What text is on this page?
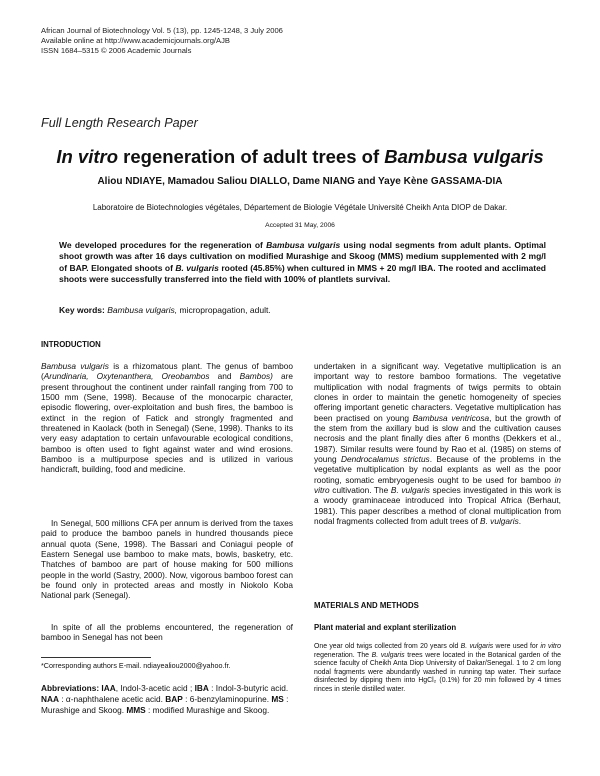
African Journal of Biotechnology Vol. 5 (13), pp. 1245-1248, 3 July 2006
Available online at http://www.academicjournals.org/AJB
ISSN 1684–5315 © 2006 Academic Journals
Full Length Research Paper
In vitro regeneration of adult trees of Bambusa vulgaris
Aliou NDIAYE, Mamadou Saliou DIALLO, Dame NIANG and Yaye Kène GASSAMA-DIA
Laboratoire de Biotechnologies végétales, Département de Biologie Végétale Université Cheikh Anta DIOP de Dakar.
Accepted 31 May, 2006
We developed procedures for the regeneration of Bambusa vulgaris using nodal segments from adult plants. Optimal shoot growth was after 16 days cultivation on modified Murashige and Skoog (MMS) medium supplemented with 2 mg/l of BAP. Elongated shoots of B. vulgaris rooted (45.85%) when cultured in MMS + 20 mg/l IBA. The rooted and acclimated shoots were successfully transferred into the field with 100% of plantlets survival.
Key words: Bambusa vulgaris, micropropagation, adult.
INTRODUCTION

Bambusa vulgaris is a rhizomatous plant. The genus of bamboo (Arundinaria, Oxytenanthera, Oreobambos and Bambos) are present throughout the continent under rainfall ranging from 700 to 1500 mm (Sene, 1998). Because of the monocarpic character, episodic flowering, over-exploitation and bush fires, the bamboo is extinct in the region of Fatick and strongly fragmented and threatened in Kaolack (both in Senegal) (Sene, 1998). Thanks to its very easy adaptation to certain unfavourable ecological conditions, bamboo is often used to fight against water and wind erosions. Bamboo is a multipurpose species and is utilized in various handicraft, building, food and medicine.

In Senegal, 500 millions CFA per annum is derived from the taxes paid to produce the bamboo panels in hundred thousands piece annual quota (Sene, 1998). The Bassari and Coniagui people of Eastern Senegal use bamboo to make mats, bowls, basketry, etc. Thatches of bamboo are part of house making for 500 millions people in the world (Sastry, 2000). Now, vigorous bamboo forest can be found only in protected areas and mostly in Niokolo Koba National park (Senegal).

In spite of all the problems encountered, the regeneration of bamboo in Senegal has not been

*Corresponding authors E-mail. ndiayealiou2000@yahoo.fr.

Abbreviations: IAA, Indol-3-acetic acid ; IBA : Indol-3-butyric acid. NAA : α-naphthalene acetic acid. BAP : 6-benzylaminopurine. MS : Murashige and Skoog. MMS : modified Murashige and Skoog.

undertaken in a significant way. Vegetative multiplication is an important way to restore bamboo formations. The vegetative multiplication with nodal fragments of twigs permits to obtain clones in order to maintain the genetic homogeneity of species offering important genetic characters. Vegetative multiplication has been practised on young Bambusa ventricosa, but the growth of the stem from the axillary bud is slow and the cultivation causes necrosis and the plant finally dies after 6 months (Dekkers et al., 1987). Similar results were found by Rao et al. (1985) on stems of young Dendrocalamus strictus. Because of the problems in the vegetative multiplication by nodal explants as well as the poor rooting, somatic embryogenesis ought to be used for bamboo in vitro cultivation. The B. vulgaris species investigated in this work is a woody graminaceae introduced into Tropical Africa (Berhaut, 1981). This paper describes a method of clonal multiplication from nodal fragments collected from adult trees of B. vulgaris.

MATERIALS AND METHODS
Plant material and explant sterilization

One year old twigs collected from 20 years old B. vulgaris were used for in vitro regeneration. The B. vulgaris trees were located in the Botanical garden of the science faculty of Cheikh Anta Diop University of Dakar/Senegal. 1 to 2 cm long nodal fragments were abundantly washed in running tap water. Their surface disinfected by dipping them into HgCl₂ (0.1%) for 20 min followed by 4 times rinces in sterile distilled water.
